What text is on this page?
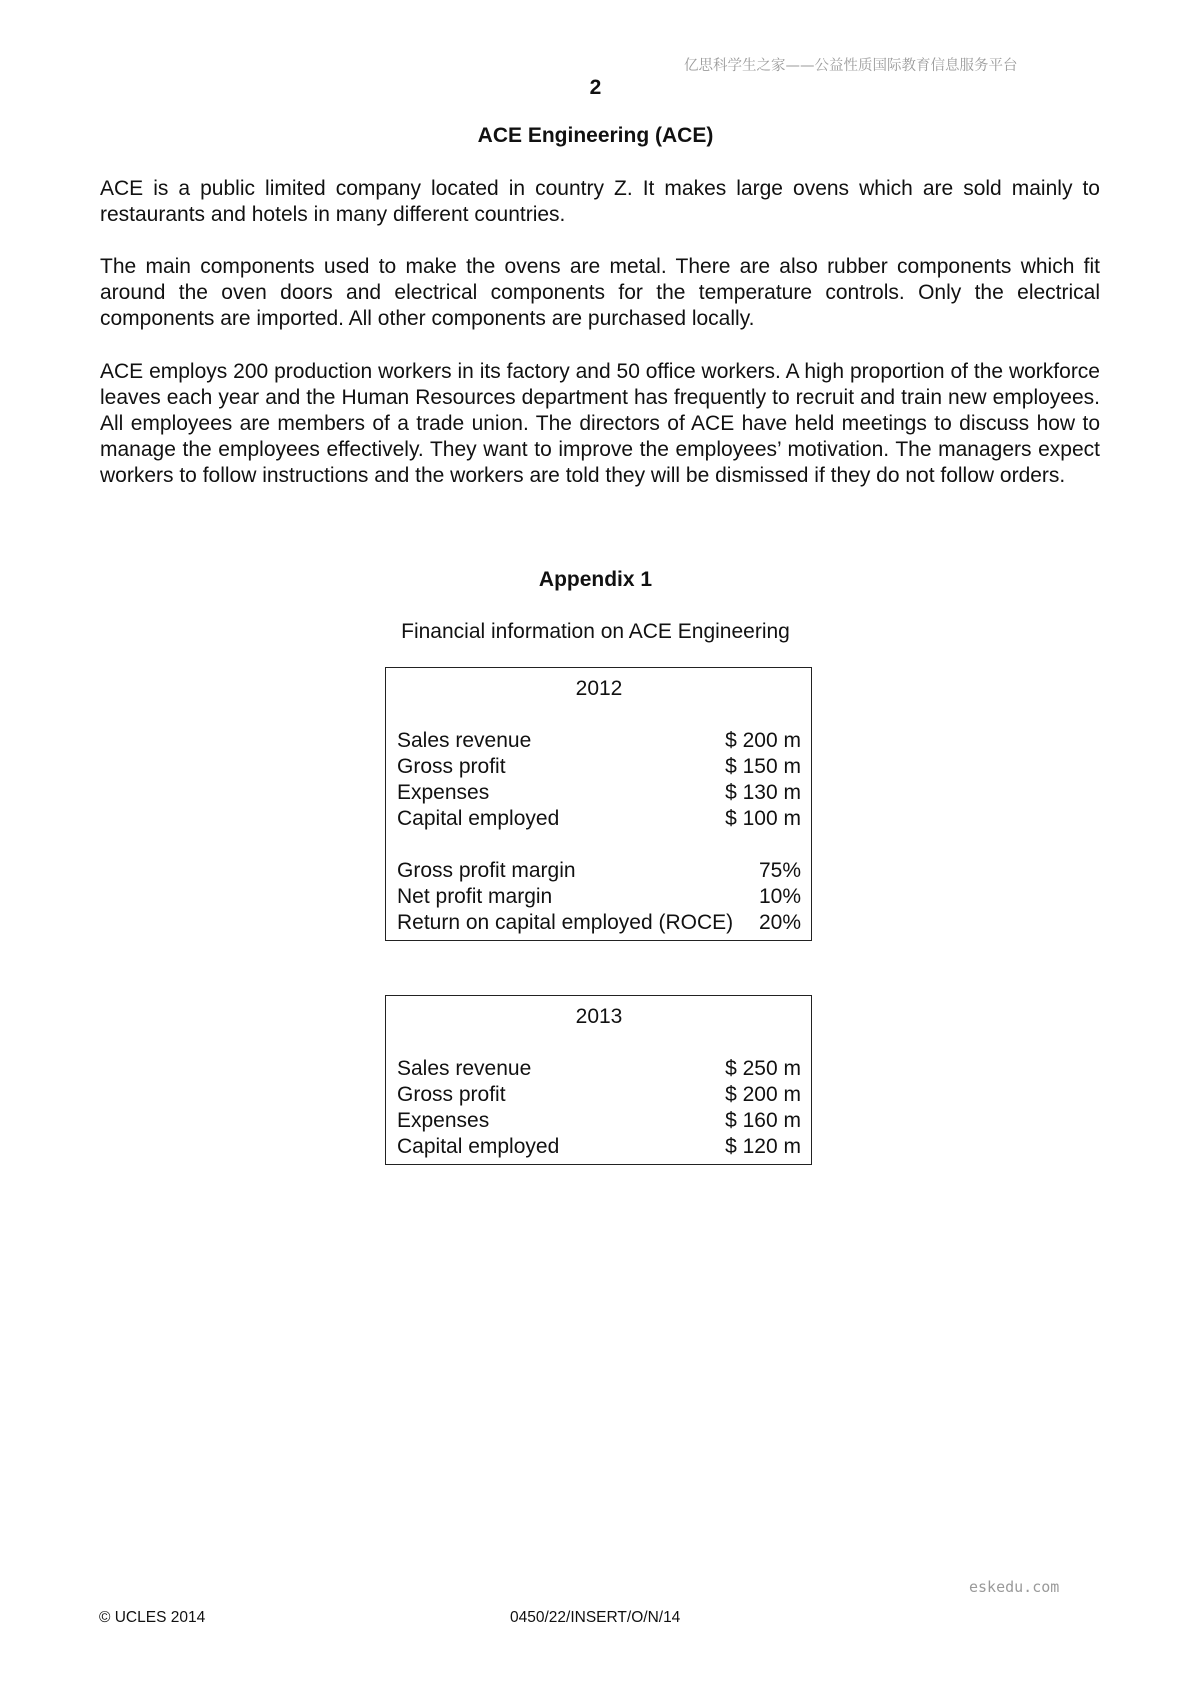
亿思科学生之家——公益性质国际教育信息服务平台
2
ACE Engineering (ACE)

ACE is a public limited company located in country Z. It makes large ovens which are sold mainly to restaurants and hotels in many different countries.

The main components used to make the ovens are metal. There are also rubber components which fit around the oven doors and electrical components for the temperature controls. Only the electrical components are imported. All other components are purchased locally.

ACE employs 200 production workers in its factory and 50 office workers. A high proportion of the workforce leaves each year and the Human Resources department has frequently to recruit and train new employees. All employees are members of a trade union. The directors of ACE have held meetings to discuss how to manage the employees effectively. They want to improve the employees’ motivation. The managers expect workers to follow instructions and the workers are told they will be dismissed if they do not follow orders.

Appendix 1
Financial information on ACE Engineering
2012
Sales revenue	$ 200 m
Gross profit	$ 150 m
Expenses	$ 130 m
Capital employed	$ 100 m
Gross profit margin	75%
Net profit margin	10%
Return on capital employed (ROCE) 20%
2013
Sales revenue	$ 250 m
Gross profit	$ 200 m
Expenses	$ 160 m
Capital employed	$ 120 m
eskedu.com
© UCLES 2014	0450/22/INSERT/O/N/14
